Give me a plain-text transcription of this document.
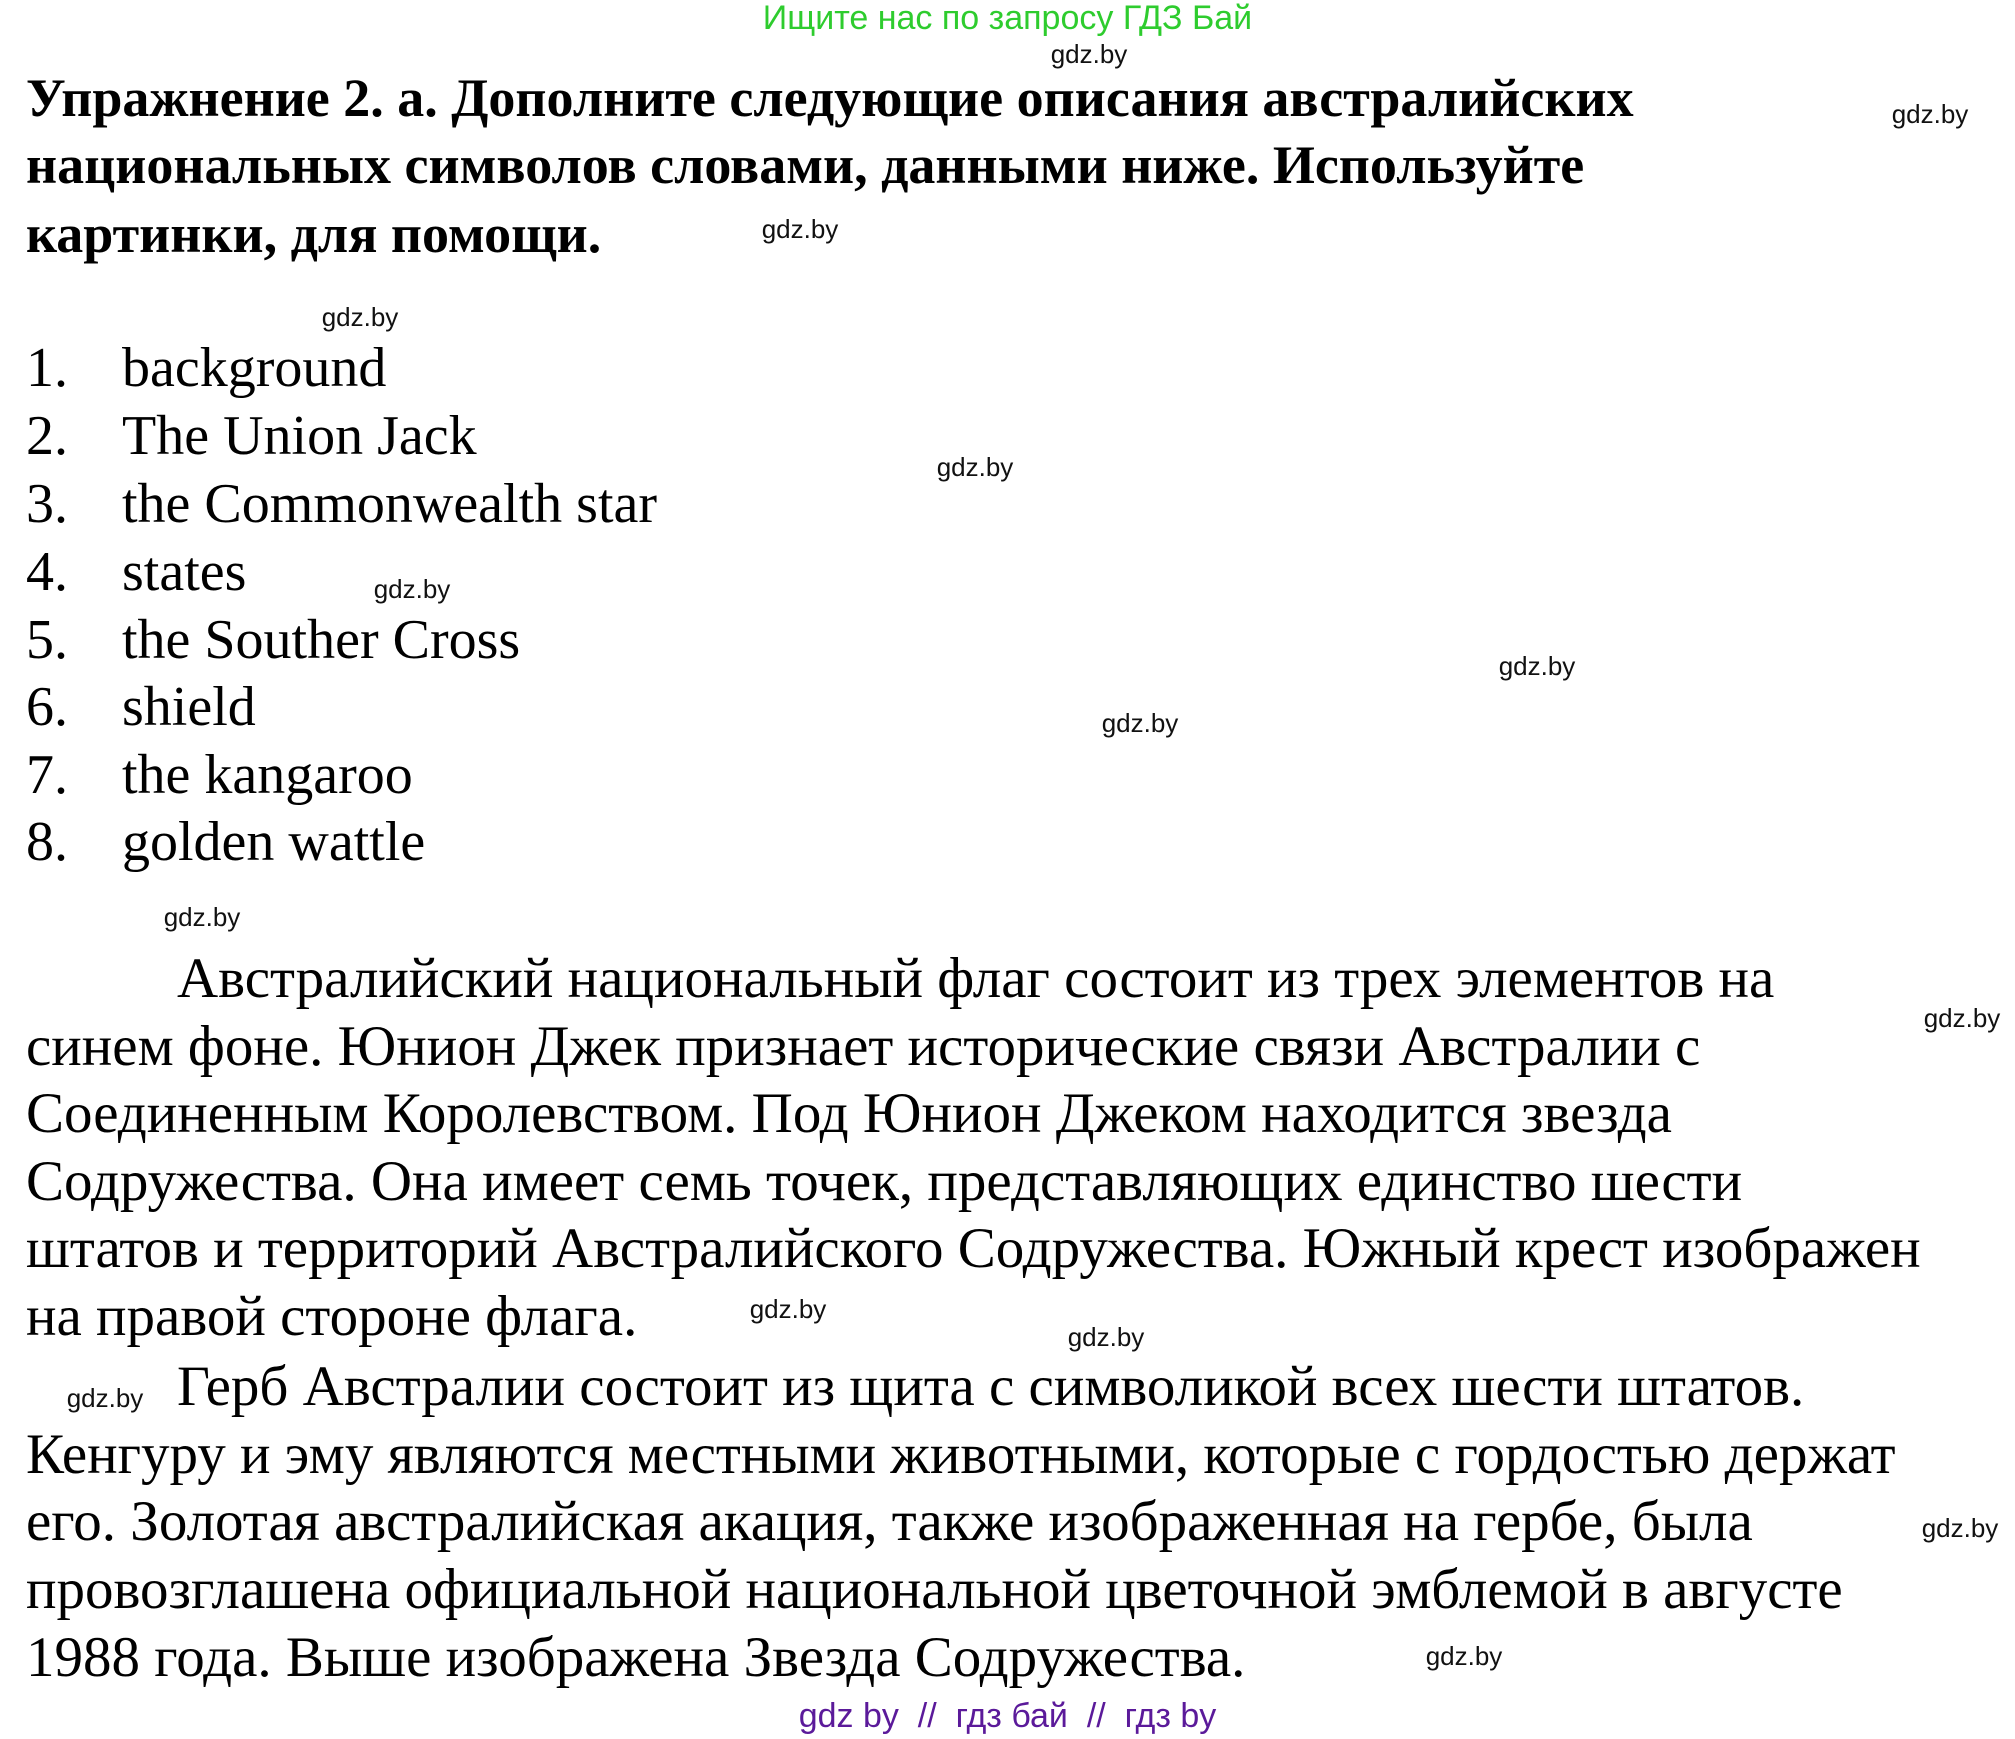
Ищите нас по запросу ГДЗ Бай
Упражнение 2. а. Дополните следующие описания австралийских
национальных символов словами, данными ниже. Используйте
картинки, для помощи.
1. background
2. The Union Jack
3. the Commonwealth star
4. states
5. the Souther Cross
6. shield
7. the kangaroo
8. golden wattle
Австралийский национальный флаг состоит из трех элементов на
синем фоне. Юнион Джек признает исторические связи Австралии с
Соединенным Королевством. Под Юнион Джеком находится звезда
Содружества. Она имеет семь точек, представляющих единство шести
штатов и территорий Австралийского Содружества. Южный крест изображен
на правой стороне флага.
Герб Австралии состоит из щита с символикой всех шести штатов.
Кенгуру и эму являются местными животными, которые с гордостью держат
его. Золотая австралийская акация, также изображенная на гербе, была
провозглашена официальной национальной цветочной эмблемой в августе
1988 года. Выше изображена Звезда Содружества.
gdz.by
gdz.by
gdz.by
gdz.by
gdz.by
gdz.by
gdz.by
gdz.by
gdz.by
gdz.by
gdz.by
gdz.by
gdz.by
gdz.by
gdz.by
gdz by  //  гдз бай  //  гдз by
